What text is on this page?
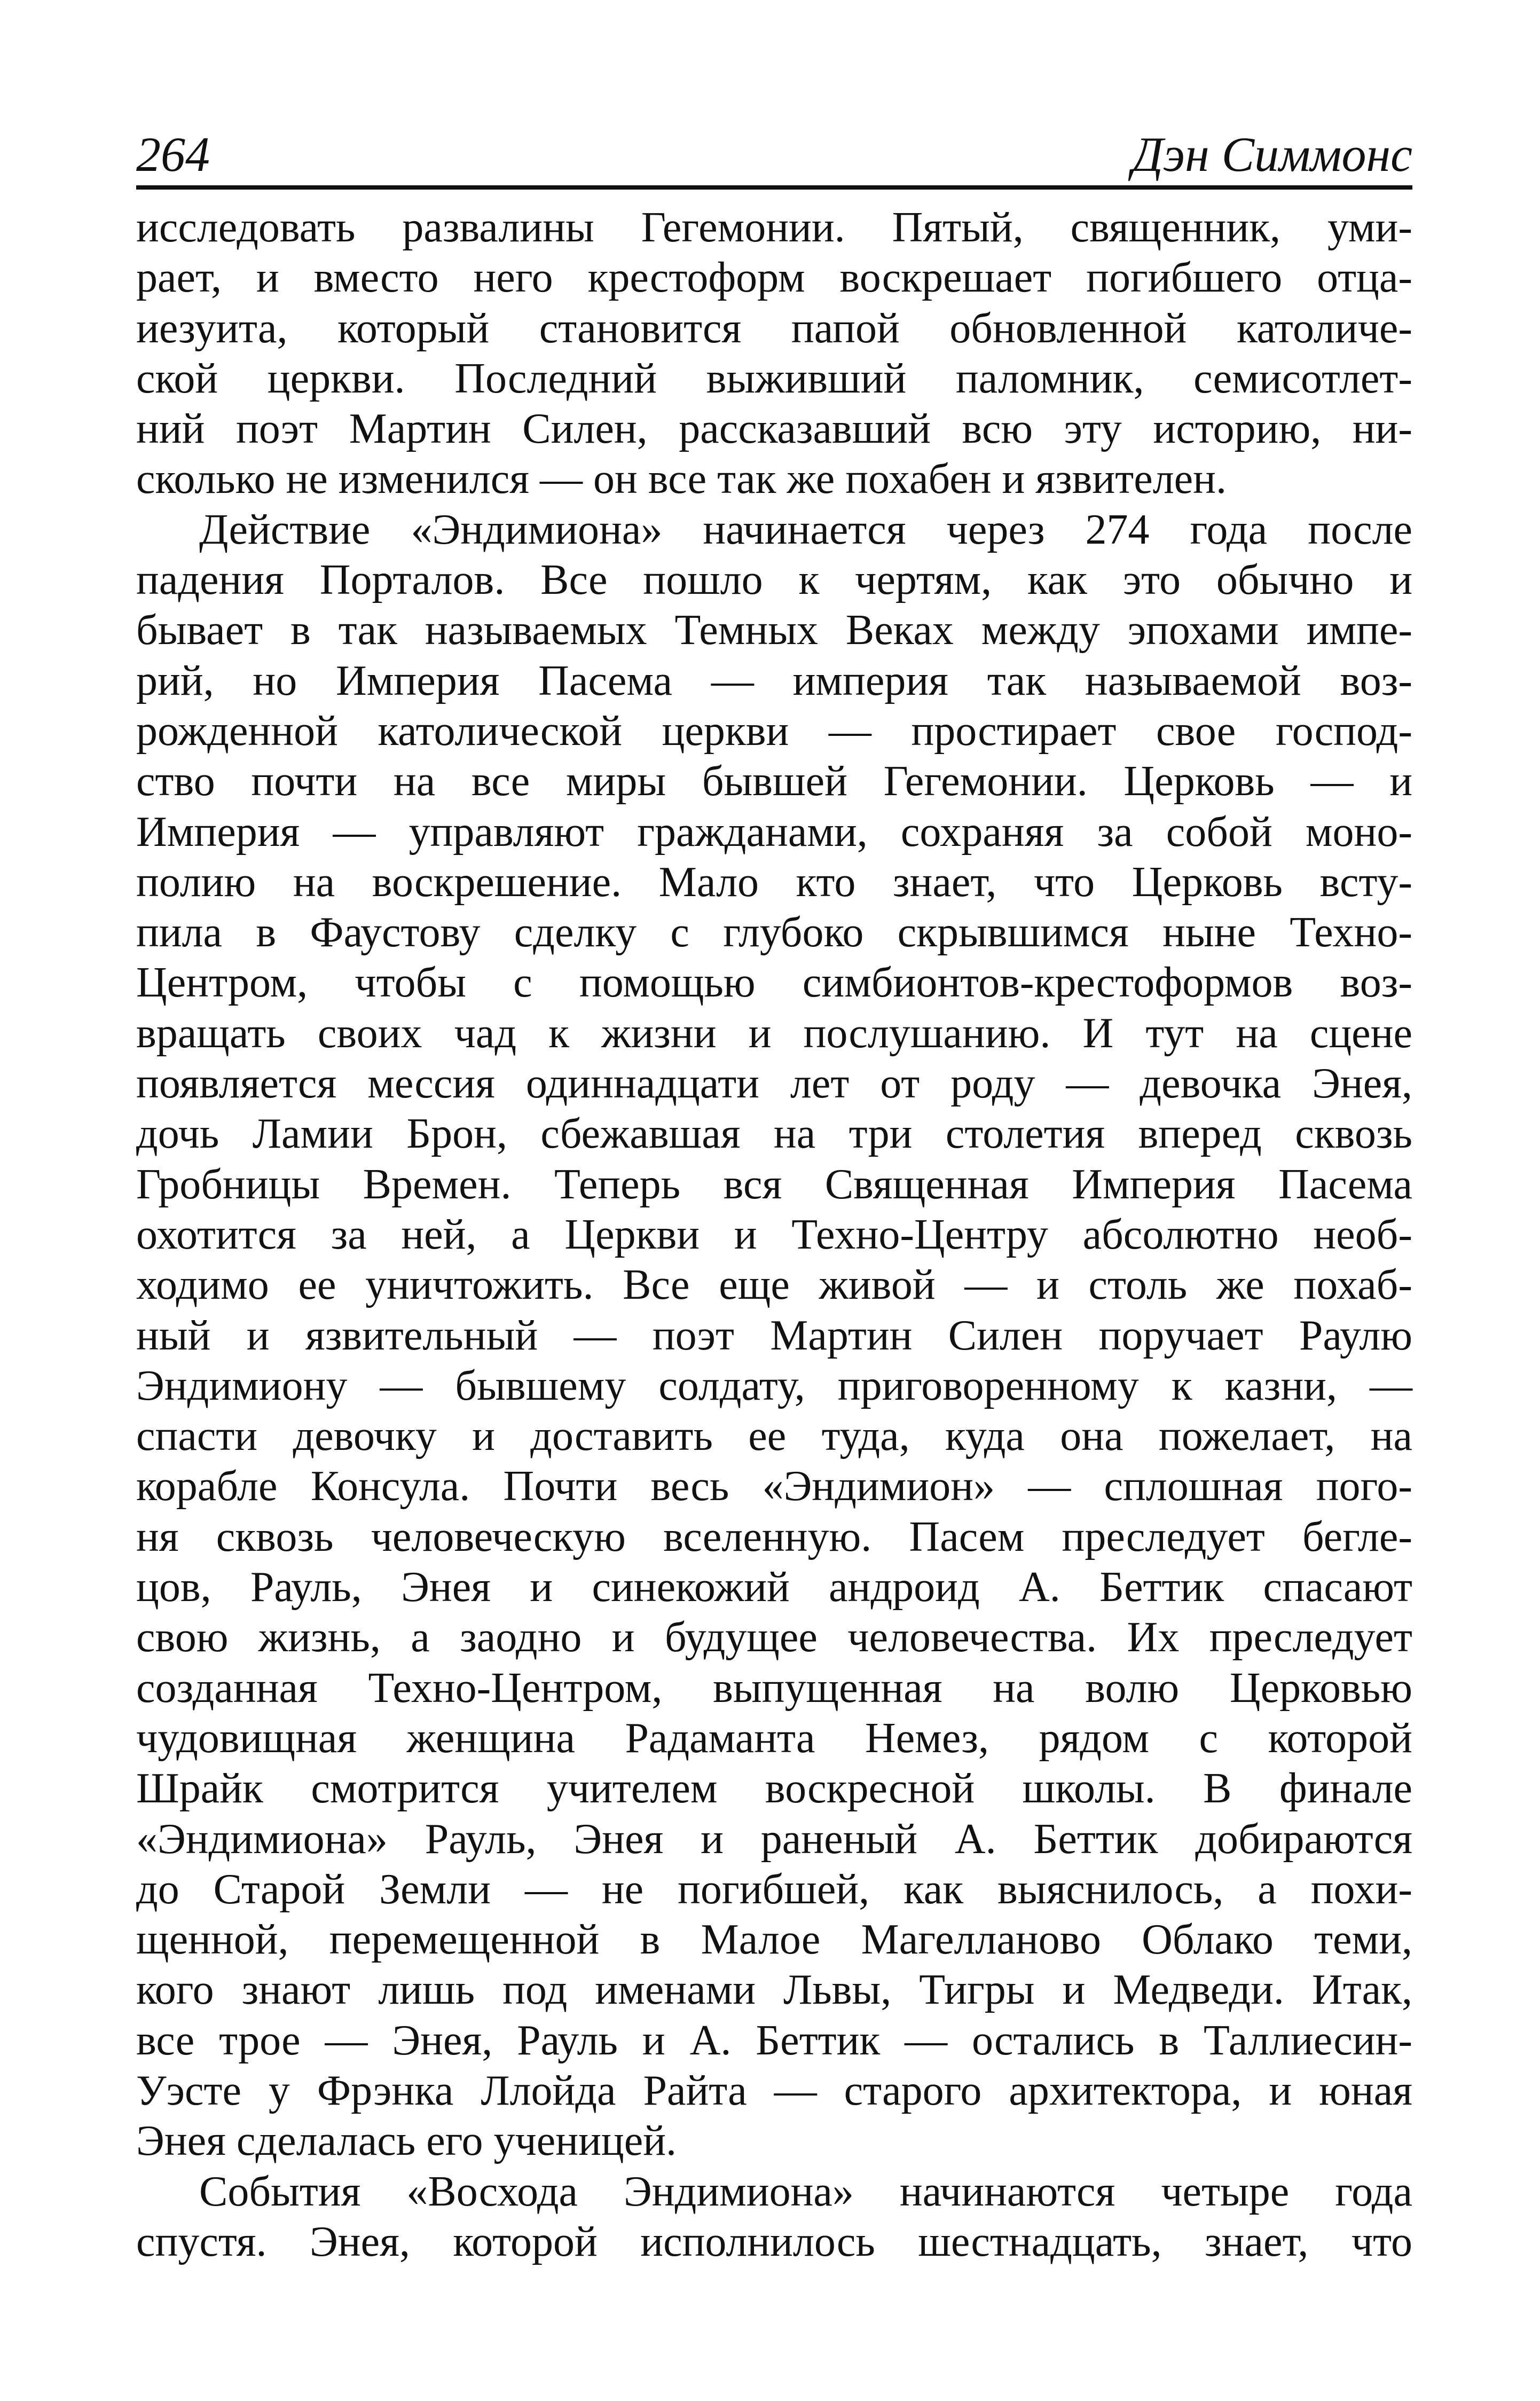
264	Дэн Симмонс

исследовать развалины Гегемонии. Пятый, священник, уми-

рает, и вместо него крестоформ воскрешает погибшего отца-

иезуита, который становится папой обновленной католиче-

ской церкви. Последний выживший паломник, семисотлет-

ний поэт Мартин Силен, рассказавший всю эту историю, ни-

сколько не изменился — он все так же похабен и язвителен.

Действие «Эндимиона» начинается через 274 года после

падения Порталов. Все пошло к чертям, как это обычно и

бывает в так называемых Темных Веках между эпохами импе-

рий, но Империя Пасема — империя так называемой воз-

рожденной католической церкви — простирает свое господ-

ство почти на все миры бывшей Гегемонии. Церковь — и

Империя — управляют гражданами, сохраняя за собой моно-

полию на воскрешение. Мало кто знает, что Церковь всту-

пила в Фаустову сделку с глубоко скрывшимся ныне Техно-

Центром, чтобы с помощью симбионтов-крестоформов воз-

вращать своих чад к жизни и послушанию. И тут на сцене

появляется мессия одиннадцати лет от роду — девочка Энея,

дочь Ламии Брон, сбежавшая на три столетия вперед сквозь

Гробницы Времен. Теперь вся Священная Империя Пасема

охотится за ней, а Церкви и Техно-Центру абсолютно необ-

ходимо ее уничтожить. Все еще живой — и столь же похаб-

ный и язвительный — поэт Мартин Силен поручает Раулю

Эндимиону — бывшему солдату, приговоренному к казни, —

спасти девочку и доставить ее туда, куда она пожелает, на

корабле Консула. Почти весь «Эндимион» — сплошная пого-

ня сквозь человеческую вселенную. Пасем преследует бегле-

цов, Рауль, Энея и синекожий андроид А. Беттик спасают

свою жизнь, а заодно и будущее человечества. Их преследует

созданная Техно-Центром, выпущенная на волю Церковью

чудовищная женщина Радаманта Немез, рядом с которой

Шрайк смотрится учителем воскресной школы. В финале

«Эндимиона» Рауль, Энея и раненый А. Беттик добираются

до Старой Земли — не погибшей, как выяснилось, а похи-

щенной, перемещенной в Малое Магелланово Облако теми,

кого знают лишь под именами Львы, Тигры и Медведи. Итак,

все трое — Энея, Рауль и А. Беттик — остались в Таллиесин-

Уэсте у Фрэнка Ллойда Райта — старого архитектора, и юная

Энея сделалась его ученицей.

События «Восхода Эндимиона» начинаются четыре года

спустя. Энея, которой исполнилось шестнадцать, знает, что
